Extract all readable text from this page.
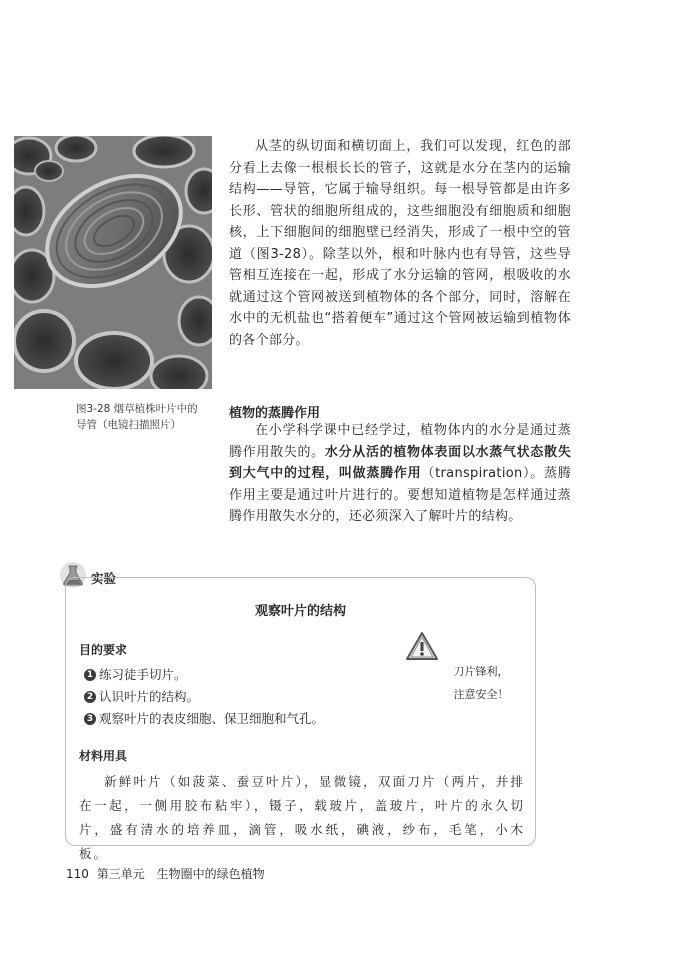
图3-28 烟草植株叶片中的
导管（电镜扫描照片）

从茎的纵切面和横切面上，我们可以发现，红色的部分看上去像一根根长长的管子，这就是水分在茎内的运输结构——导管，它属于输导组织。每一根导管都是由许多长形、管状的细胞所组成的，这些细胞没有细胞质和细胞核，上下细胞间的细胞壁已经消失，形成了一根中空的管道（图3-28）。除茎以外，根和叶脉内也有导管，这些导管相互连接在一起，形成了水分运输的管网，根吸收的水就通过这个管网被送到植物体的各个部分，同时，溶解在水中的无机盐也“搭着便车”通过这个管网被运输到植物体的各个部分。

植物的蒸腾作用

在小学科学课中已经学过，植物体内的水分是通过蒸腾作用散失的。水分从活的植物体表面以水蒸气状态散失到大气中的过程，叫做蒸腾作用（transpiration）。蒸腾作用主要是通过叶片进行的。要想知道植物是怎样通过蒸腾作用散失水分的，还必须深入了解叶片的结构。

实验
观察叶片的结构
目的要求
1 练习徒手切片。
2 认识叶片的结构。
3 观察叶片的表皮细胞、保卫细胞和气孔。
刀片锋利，
注意安全！
材料用具

新鲜叶片（如菠菜、蚕豆叶片），显微镜，双面刀片（两片，并排在一起，一侧用胶布粘牢），镊子，载玻片，盖玻片，叶片的永久切片，盛有清水的培养皿，滴管，吸水纸，碘液，纱布，毛笔，小木板。

110 第三单元 生物圈中的绿色植物
